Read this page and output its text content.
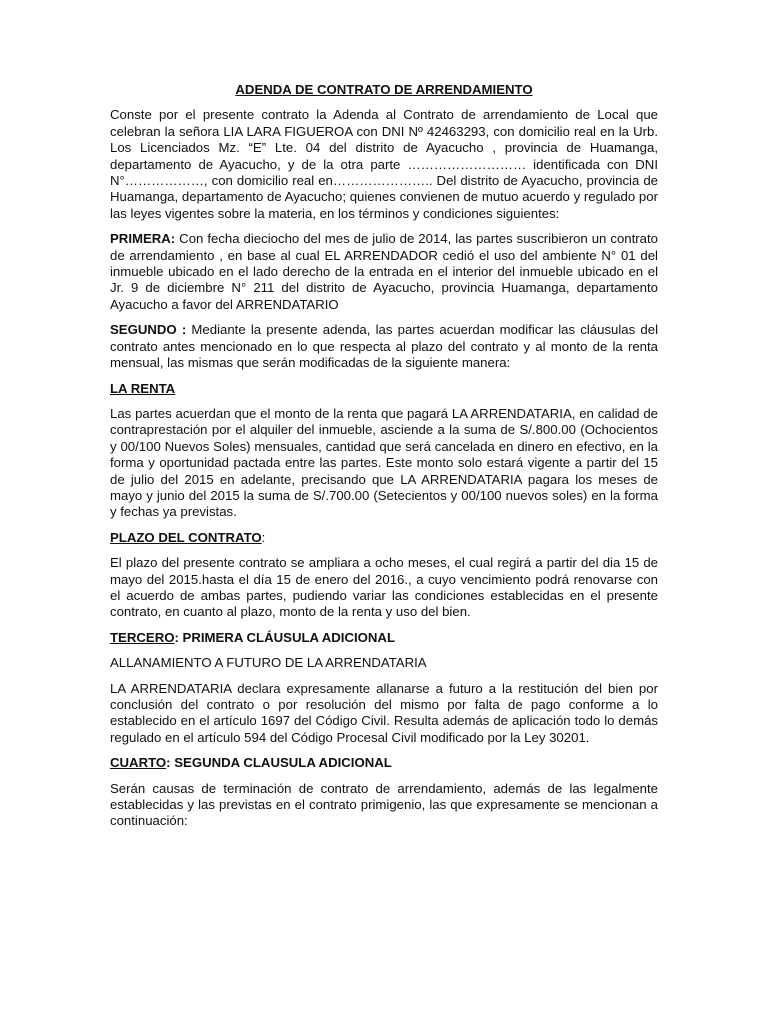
ADENDA DE CONTRATO DE ARRENDAMIENTO

Conste por el presente contrato la Adenda al Contrato de arrendamiento de Local que celebran la señora LIA LARA FIGUEROA con DNI Nº 42463293, con domicilio real en la Urb. Los Licenciados Mz. “E” Lte. 04 del distrito de Ayacucho , provincia de Huamanga, departamento de Ayacucho, y de la otra parte ……………………… identificada con DNI N°………………, con domicilio real en………………….. Del distrito de Ayacucho, provincia de Huamanga, departamento de Ayacucho; quienes convienen de mutuo acuerdo y regulado por las leyes vigentes sobre la materia, en los términos y condiciones siguientes:

PRIMERA: Con fecha dieciocho del mes de julio de 2014, las partes suscribieron un contrato de arrendamiento , en base al cual EL ARRENDADOR cedió el uso del ambiente N° 01 del inmueble ubicado en el lado derecho de la entrada en el interior del inmueble ubicado en el Jr. 9 de diciembre N° 211 del distrito de Ayacucho, provincia Huamanga, departamento Ayacucho a favor del ARRENDATARIO

SEGUNDO : Mediante la presente adenda, las partes acuerdan modificar las cláusulas del contrato antes mencionado en lo que respecta al plazo del contrato y al monto de la renta mensual, las mismas que serán modificadas de la siguiente manera:

LA RENTA

Las partes acuerdan que el monto de la renta que pagará LA ARRENDATARIA, en calidad de contraprestación por el alquiler del inmueble, asciende a la suma de S/.800.00 (Ochocientos y 00/100 Nuevos Soles) mensuales, cantidad que será cancelada en dinero en efectivo, en la forma y oportunidad pactada entre las partes. Este monto solo estará vigente a partir del 15 de julio del 2015 en adelante, precisando que LA ARRENDATARIA pagara los meses de mayo y junio del 2015 la suma de S/.700.00 (Setecientos y 00/100 nuevos soles) en la forma y fechas ya previstas.

PLAZO DEL CONTRATO:

El plazo del presente contrato se ampliara a ocho meses, el cual regirá a partir del dia 15 de mayo del 2015.hasta el día 15 de enero del 2016., a cuyo vencimiento podrá renovarse con el acuerdo de ambas partes, pudiendo variar las condiciones establecidas en el presente contrato, en cuanto al plazo, monto de la renta y uso del bien.

TERCERO: PRIMERA CLÁUSULA ADICIONAL

ALLANAMIENTO A FUTURO DE LA ARRENDATARIA

LA ARRENDATARIA declara expresamente allanarse a futuro a la restitución del bien por conclusión del contrato o por resolución del mismo por falta de pago conforme a lo establecido en el artículo 1697 del Código Civil. Resulta además de aplicación todo lo demás regulado en el artículo 594 del Código Procesal Civil modificado por la Ley 30201.

CUARTO: SEGUNDA CLAUSULA ADICIONAL

Serán causas de terminación de contrato de arrendamiento, además de las legalmente establecidas y las previstas en el contrato primigenio, las que expresamente se mencionan a continuación:
